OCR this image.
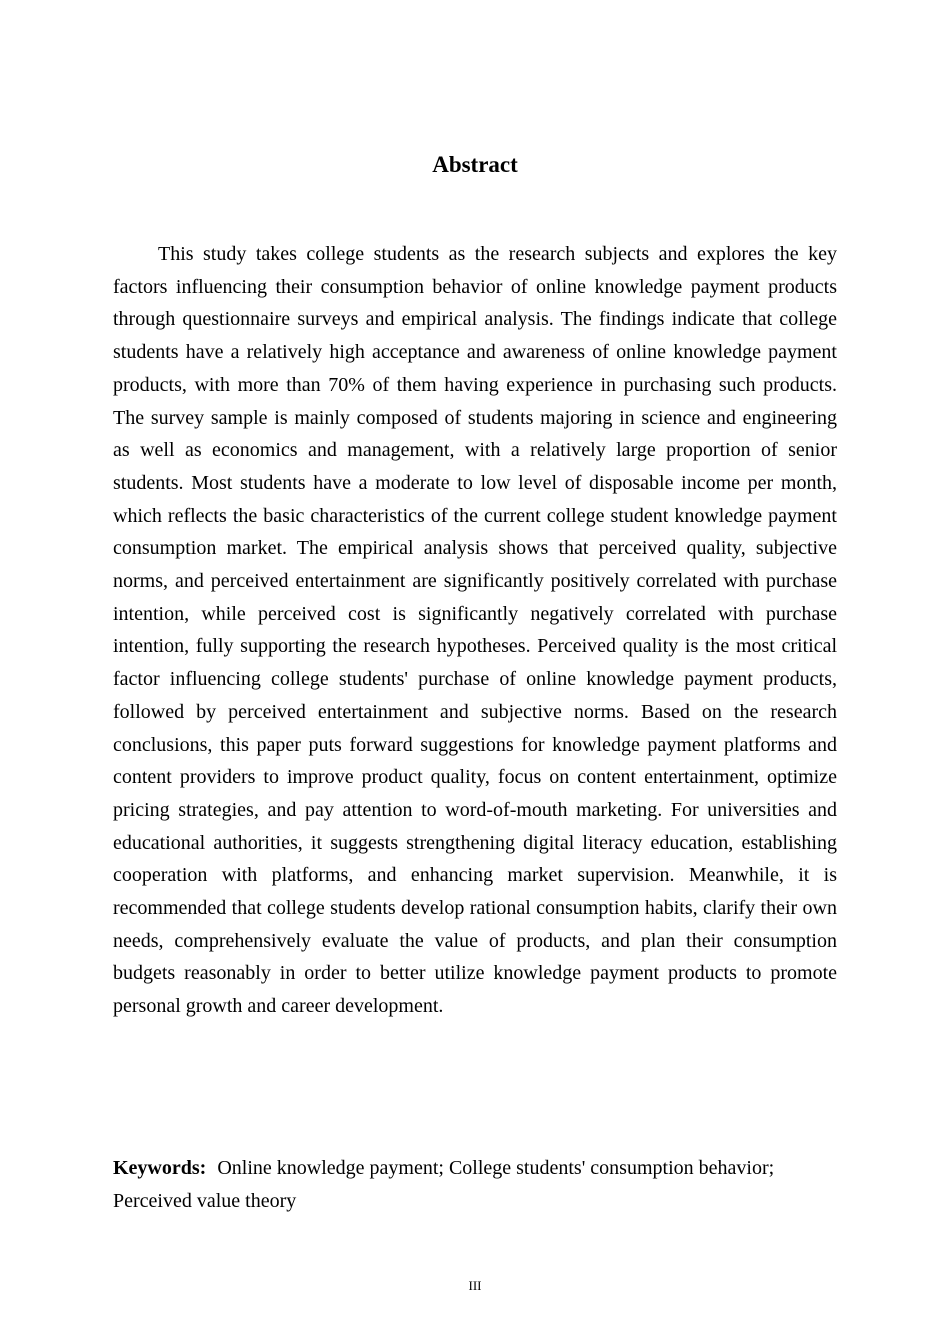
Abstract

This study takes college students as the research subjects and explores the key factors influencing their consumption behavior of online knowledge payment products through questionnaire surveys and empirical analysis. The findings indicate that college students have a relatively high acceptance and awareness of online knowledge payment products, with more than 70% of them having experience in purchasing such products. The survey sample is mainly composed of students majoring in science and engineering as well as economics and management, with a relatively large proportion of senior students. Most students have a moderate to low level of disposable income per month, which reflects the basic characteristics of the current college student knowledge payment consumption market. The empirical analysis shows that perceived quality, subjective norms, and perceived entertainment are significantly positively correlated with purchase intention, while perceived cost is significantly negatively correlated with purchase intention, fully supporting the research hypotheses. Perceived quality is the most critical factor influencing college students' purchase of online knowledge payment products, followed by perceived entertainment and subjective norms. Based on the research conclusions, this paper puts forward suggestions for knowledge payment platforms and content providers to improve product quality, focus on content entertainment, optimize pricing strategies, and pay attention to word-of-mouth marketing. For universities and educational authorities, it suggests strengthening digital literacy education, establishing cooperation with platforms, and enhancing market supervision. Meanwhile, it is recommended that college students develop rational consumption habits, clarify their own needs, comprehensively evaluate the value of products, and plan their consumption budgets reasonably in order to better utilize knowledge payment products to promote personal growth and career development.

Keywords: Online knowledge payment; College students' consumption behavior; Perceived value theory

III
